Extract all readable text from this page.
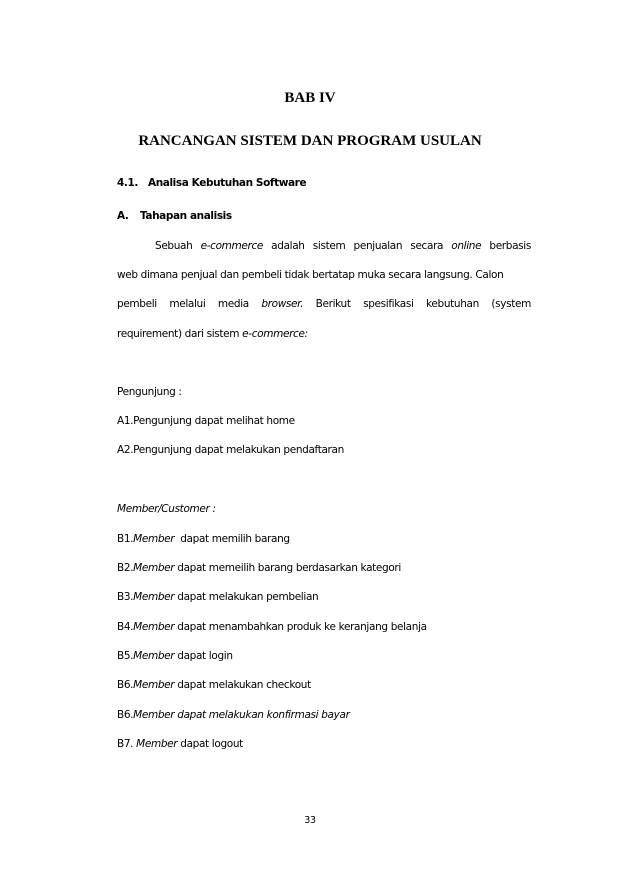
BAB IV
RANCANGAN SISTEM DAN PROGRAM USULAN
4.1. Analisa Kebutuhan Software
A. Tahapan analisis
Sebuah e-commerce adalah sistem penjualan secara online berbasis
web dimana penjual dan pembeli tidak bertatap muka secara langsung. Calon
pembeli melalui media browser. Berikut spesifikasi kebutuhan (system
requirement) dari sistem e-commerce:
Pengunjung :
A1.Pengunjung dapat melihat home
A2.Pengunjung dapat melakukan pendaftaran
Member/Customer :
B1.Member  dapat memilih barang
B2.Member dapat memeilih barang berdasarkan kategori
B3.Member dapat melakukan pembelian
B4.Member dapat menambahkan produk ke keranjang belanja
B5.Member dapat login
B6.Member dapat melakukan checkout
B6.Member dapat melakukan konfirmasi bayar
B7. Member dapat logout
33
